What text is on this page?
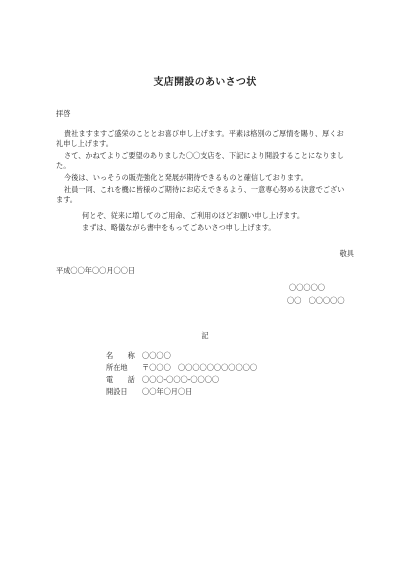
支店開設のあいさつ状
拝啓
貴社ますますご盛栄のこととお喜び申し上げます。平素は格別のご厚情を賜り、厚くお
礼申し上げます。
さて、かねてよりご要望のありました〇〇支店を、下記により開設することになりまし
た。
今後は、いっそうの販売強化と発展が期待できるものと確信しております。
社員一同、これを機に皆様のご期待にお応えできるよう、一意専心努める決意でござい
ます。
何とぞ、従来に増してのご用命、ご利用のほどお願い申し上げます。
まずは、略儀ながら書中をもってごあいさつ申し上げます。
敬具
平成〇〇年〇〇月〇〇日
〇〇〇〇〇
〇〇　〇〇〇〇〇
記
名　　称 〇〇〇〇
所在地 〒〇〇〇　〇〇〇〇〇〇〇〇〇〇〇
電　　話 〇〇〇-〇〇〇-〇〇〇〇
開設日 〇〇年〇月〇日
